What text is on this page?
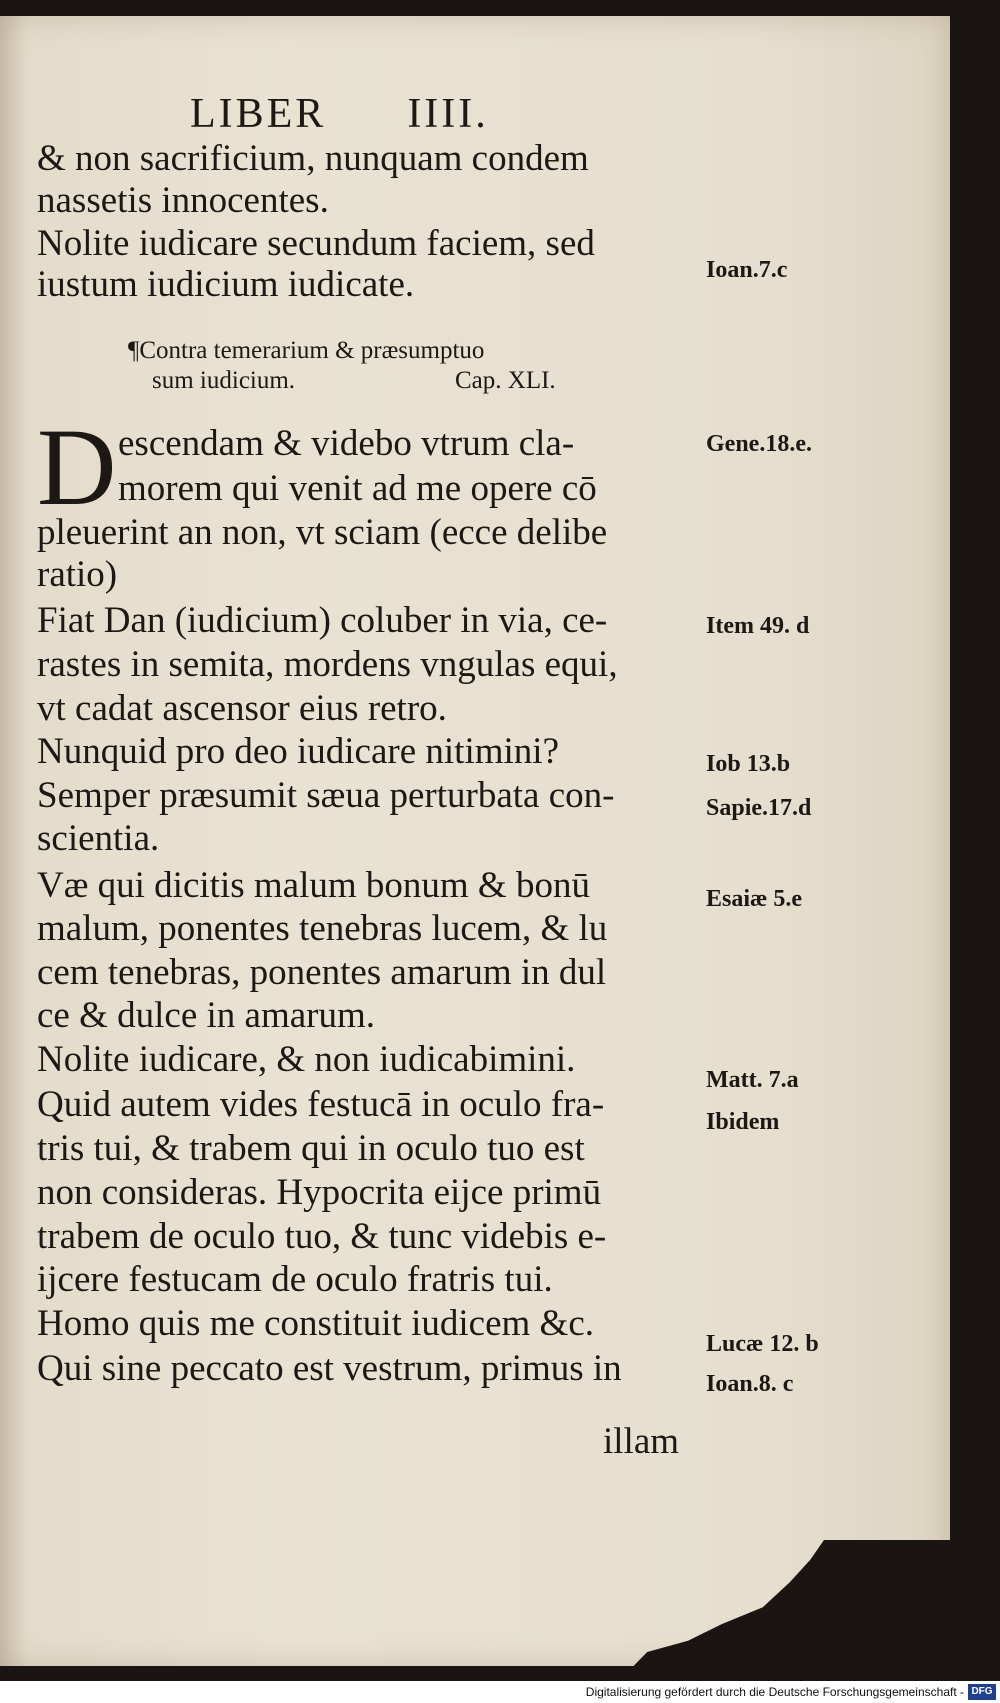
LIBER      IIII.
& non sacrificium, nunquam condem
nassetis innocentes.
Nolite iudicare secundum faciem, sed
iustum iudicium iudicate.
¶Contra temerarium & præsumptuo
sum iudicium.	Cap. XLI.
D escendam & videbo vtrum cla-
morem qui venit ad me opere cō
pleuerint an non, vt sciam (ecce delibe
ratio)
Fiat Dan (iudicium) coluber in via, ce-
rastes in semita, mordens vngulas equi,
vt cadat ascensor eius retro.
Nunquid pro deo iudicare nitimini?
Semper præsumit sæua perturbata con-
scientia.
Væ qui dicitis malum bonum & bonū
malum, ponentes tenebras lucem, & lu
cem tenebras, ponentes amarum in dul
ce & dulce in amarum.
Nolite iudicare, & non iudicabimini.
Quid autem vides festucā in oculo fra-
tris tui, & trabem qui in oculo tuo est
non consideras. Hypocrita eijce primū
trabem de oculo tuo, & tunc videbis e-
ijcere festucam de oculo fratris tui.
Homo quis me constituit iudicem &c.
Qui sine peccato est vestrum, primus in
illam
Ioan.7.c
Gene.18.e.
Item 49. d
Iob 13.b
Sapie.17.d
Esaiæ 5.e
Matt. 7.a
Ibidem
Lucæ 12. b
Ioan.8. c
Digitalisierung gefördert durch die Deutsche Forschungsgemeinschaft - DFG
